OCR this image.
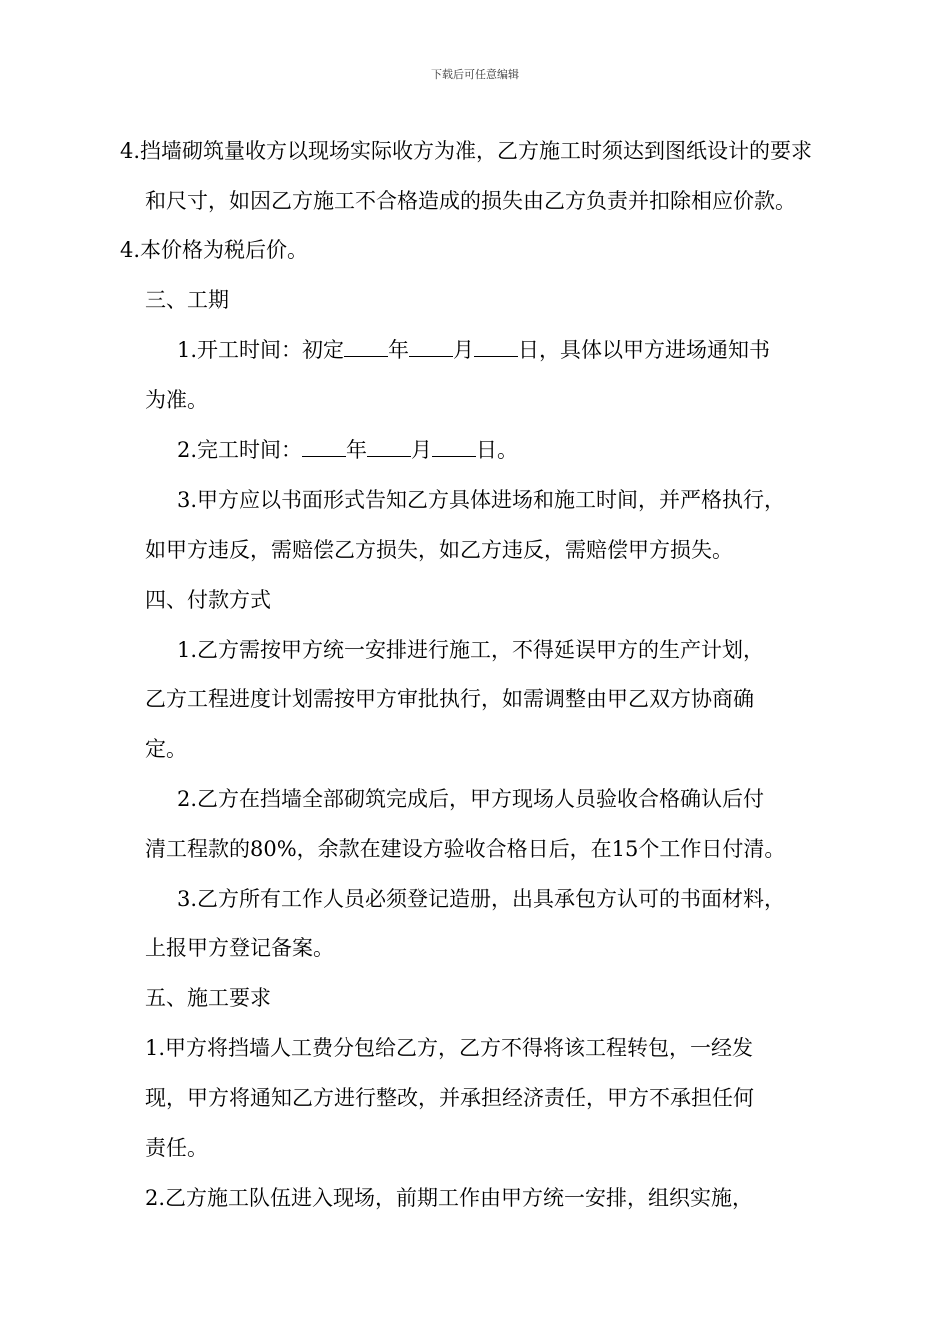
下载后可任意编辑
4.挡墙砌筑量收方以现场实际收方为准，乙方施工时须达到图纸设计的要求
和尺寸，如因乙方施工不合格造成的损失由乙方负责并扣除相应价款。
4.本价格为税后价。
三、工期
1.开工时间：初定 年 月 日，具体以甲方进场通知书
为准。
2.完工时间： 年 月 日。
3.甲方应以书面形式告知乙方具体进场和施工时间，并严格执行，
如甲方违反，需赔偿乙方损失，如乙方违反，需赔偿甲方损失。
四、付款方式
1.乙方需按甲方统一安排进行施工，不得延误甲方的生产计划，
乙方工程进度计划需按甲方审批执行，如需调整由甲乙双方协商确
定。
2.乙方在挡墙全部砌筑完成后，甲方现场人员验收合格确认后付
清工程款的80%，余款在建设方验收合格日后，在15个工作日付清。
3.乙方所有工作人员必须登记造册，出具承包方认可的书面材料，
上报甲方登记备案。
五、施工要求
1.甲方将挡墙人工费分包给乙方，乙方不得将该工程转包，一经发
现，甲方将通知乙方进行整改，并承担经济责任，甲方不承担任何
责任。
2.乙方施工队伍进入现场，前期工作由甲方统一安排，组织实施，
